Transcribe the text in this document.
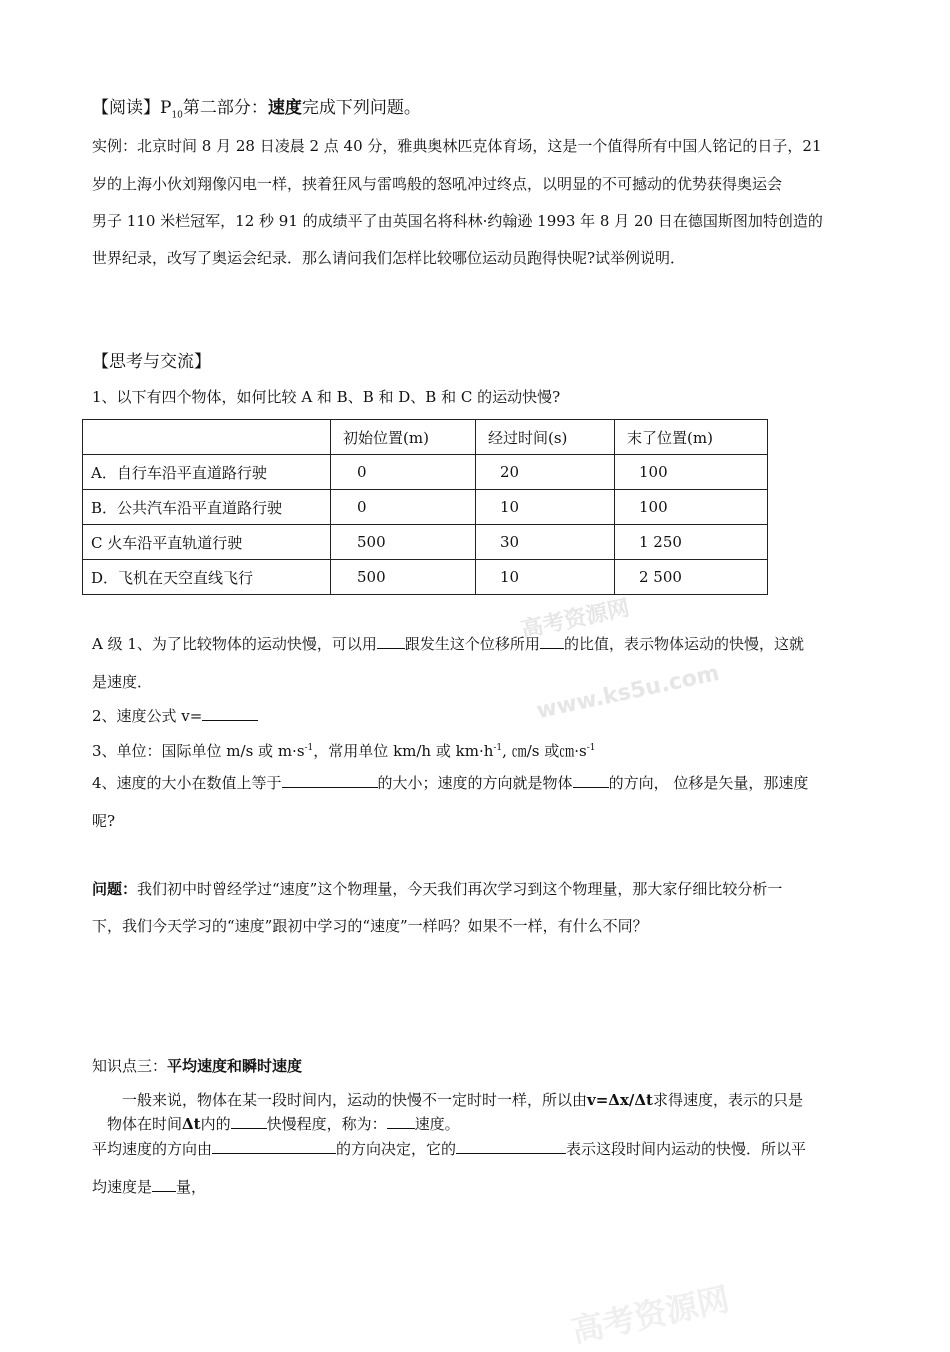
【阅读】$P_{10}$第二部分：速度完成下列问题。
实例：北京时间 8 月 28 日凌晨 2 点 40 分，雅典奥林匹克体育场，这是一个值得所有中国人铭记的日子，21
岁的上海小伙刘翔像闪电一样，挟着狂风与雷鸣般的怒吼冲过终点，以明显的不可撼动的优势获得奥运会
男子 110 米栏冠军，12 秒 91 的成绩平了由英国名将科林·约翰逊 1993 年 8 月 20 日在德国斯图加特创造的
世界纪录，改写了奥运会纪录．那么请问我们怎样比较哪位运动员跑得快呢?试举例说明．
【思考与交流】
1、以下有四个物体，如何比较 A 和 B、B 和 D、B 和 C 的运动快慢?
	初始位置(m)	经过时间(s)	末了位置(m)
A．自行车沿平直道路行驶	0	20	100
B．公共汽车沿平直道路行驶	0	10	100
C 火车沿平直轨道行驶	500	30	1 250
D．飞机在天空直线飞行	500	10	2 500
高考资源网
www.ks5u.com
A 级 1、为了比较物体的运动快慢，可以用 跟发生这个位移所用 的比值，表示物体运动的快慢，这就
是速度．
2、速度公式 v=
3、单位：国际单位 m/s 或 $m\cdot s^{-1}$，常用单位 km/h 或 $km\cdot h^{-1}$, ㎝/s 或$㎝\cdot s^{-1}$
4、速度的大小在数值上等于	的大小；速度的方向就是物体 的方向， 位移是矢量，那速度
呢?
问题：我们初中时曾经学过“速度”这个物理量，今天我们再次学习到这个物理量，那大家仔细比较分析一
下，我们今天学习的“速度”跟初中学习的“速度”一样吗？如果不一样，有什么不同？
知识点三：平均速度和瞬时速度
一般来说，物体在某一段时间内，运动的快慢不一定时时一样，所以由v=Δx/Δt求得速度，表示的只是
物体在时间Δt内的 快慢程度，称为： 速度。
平均速度的方向由	的方向决定，它的	表示这段时间内运动的快慢．所以平
均速度是 量，
高考资源网
